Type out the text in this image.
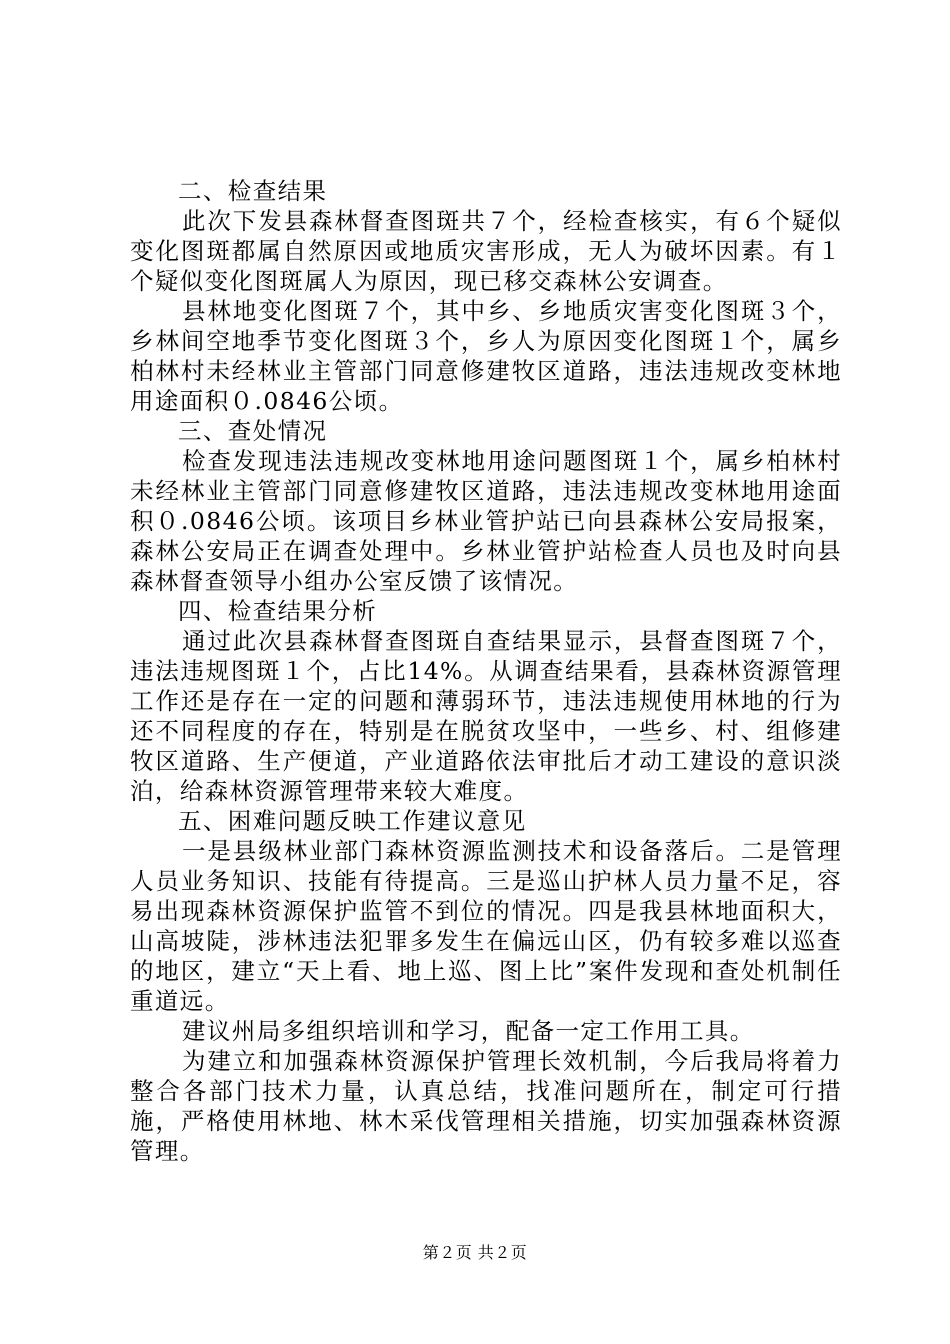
二、检查结果

此次下发县森林督查图斑共７个，经检查核实，有６个疑似变化图斑都属自然原因或地质灾害形成，无人为破坏因素。有１个疑似变化图斑属人为原因，现已移交森林公安调查。

县林地变化图斑７个，其中乡、乡地质灾害变化图斑３个，乡林间空地季节变化图斑３个，乡人为原因变化图斑１个，属乡柏林村未经林业主管部门同意修建牧区道路，违法违规改变林地用途面积０.0846公顷。

三、查处情况

检查发现违法违规改变林地用途问题图斑１个，属乡柏林村未经林业主管部门同意修建牧区道路，违法违规改变林地用途面积０.0846公顷。该项目乡林业管护站已向县森林公安局报案，森林公安局正在调查处理中。乡林业管护站检查人员也及时向县森林督查领导小组办公室反馈了该情况。

四、检查结果分析

通过此次县森林督查图斑自查结果显示，县督查图斑７个，违法违规图斑１个，占比14%。从调查结果看，县森林资源管理工作还是存在一定的问题和薄弱环节，违法违规使用林地的行为还不同程度的存在，特别是在脱贫攻坚中，一些乡、村、组修建牧区道路、生产便道，产业道路依法审批后才动工建设的意识淡泊，给森林资源管理带来较大难度。

五、困难问题反映工作建议意见

一是县级林业部门森林资源监测技术和设备落后。二是管理人员业务知识、技能有待提高。三是巡山护林人员力量不足，容易出现森林资源保护监管不到位的情况。四是我县林地面积大，山高坡陡，涉林违法犯罪多发生在偏远山区，仍有较多难以巡查的地区，建立“天上看、地上巡、图上比”案件发现和查处机制任重道远。

建议州局多组织培训和学习，配备一定工作用工具。

为建立和加强森林资源保护管理长效机制，今后我局将着力整合各部门技术力量，认真总结，找准问题所在，制定可行措施，严格使用林地、林木采伐管理相关措施，切实加强森林资源管理。

第２页 共２页
